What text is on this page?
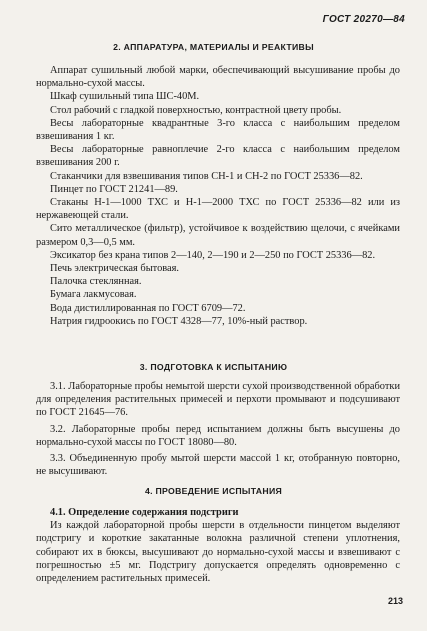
ГОСТ 20270—84
2. АППАРАТУРА, МАТЕРИАЛЫ И РЕАКТИВЫ

Аппарат сушильный любой марки, обеспечивающий высушивание пробы до нормально-сухой массы.

Шкаф сушильный типа ШС-40М.

Стол рабочий с гладкой поверхностью, контрастной цвету пробы.

Весы лабораторные квадрантные 3-го класса с наибольшим пределом взвешивания 1 кг.

Весы лабораторные равноплечие 2-го класса с наибольшим пределом взвешивания 200 г.

Стаканчики для взвешивания типов СН-1 и СН-2 по ГОСТ 25336—82.

Пинцет по ГОСТ 21241—89.

Стаканы Н-1—1000 ТХС и Н-1—2000 ТХС по ГОСТ 25336—82 или из нержавеющей стали.

Сито металлическое (фильтр), устойчивое к воздействию щелочи, с ячейками размером 0,3—0,5 мм.

Эксикатор без крана типов 2—140, 2—190 и 2—250 по ГОСТ 25336—82.

Печь электрическая бытовая.

Палочка стеклянная.

Бумага лакмусовая.

Вода дистиллированная по ГОСТ 6709—72.

Натрия гидроокись по ГОСТ 4328—77, 10%-ный раствор.

3. ПОДГОТОВКА К ИСПЫТАНИЮ

3.1. Лабораторные пробы немытой шерсти сухой производственной обработки для определения растительных примесей и перхоти промывают и подсушивают по ГОСТ 21645—76.

3.2. Лабораторные пробы перед испытанием должны быть высушены до нормально-сухой массы по ГОСТ 18080—80.

3.3. Объединенную пробу мытой шерсти массой 1 кг, отобранную повторно, не высушивают.

4. ПРОВЕДЕНИЕ ИСПЫТАНИЯ

4.1. Определение содержания подстриги

Из каждой лабораторной пробы шерсти в отдельности пинцетом выделяют подстригу и короткие закатанные волокна различной степени уплотнения, собирают их в бюксы, высушивают до нормально-сухой массы и взвешивают с погрешностью ±5 мг. Подстригу допускается определять одновременно с определением растительных примесей.

213
